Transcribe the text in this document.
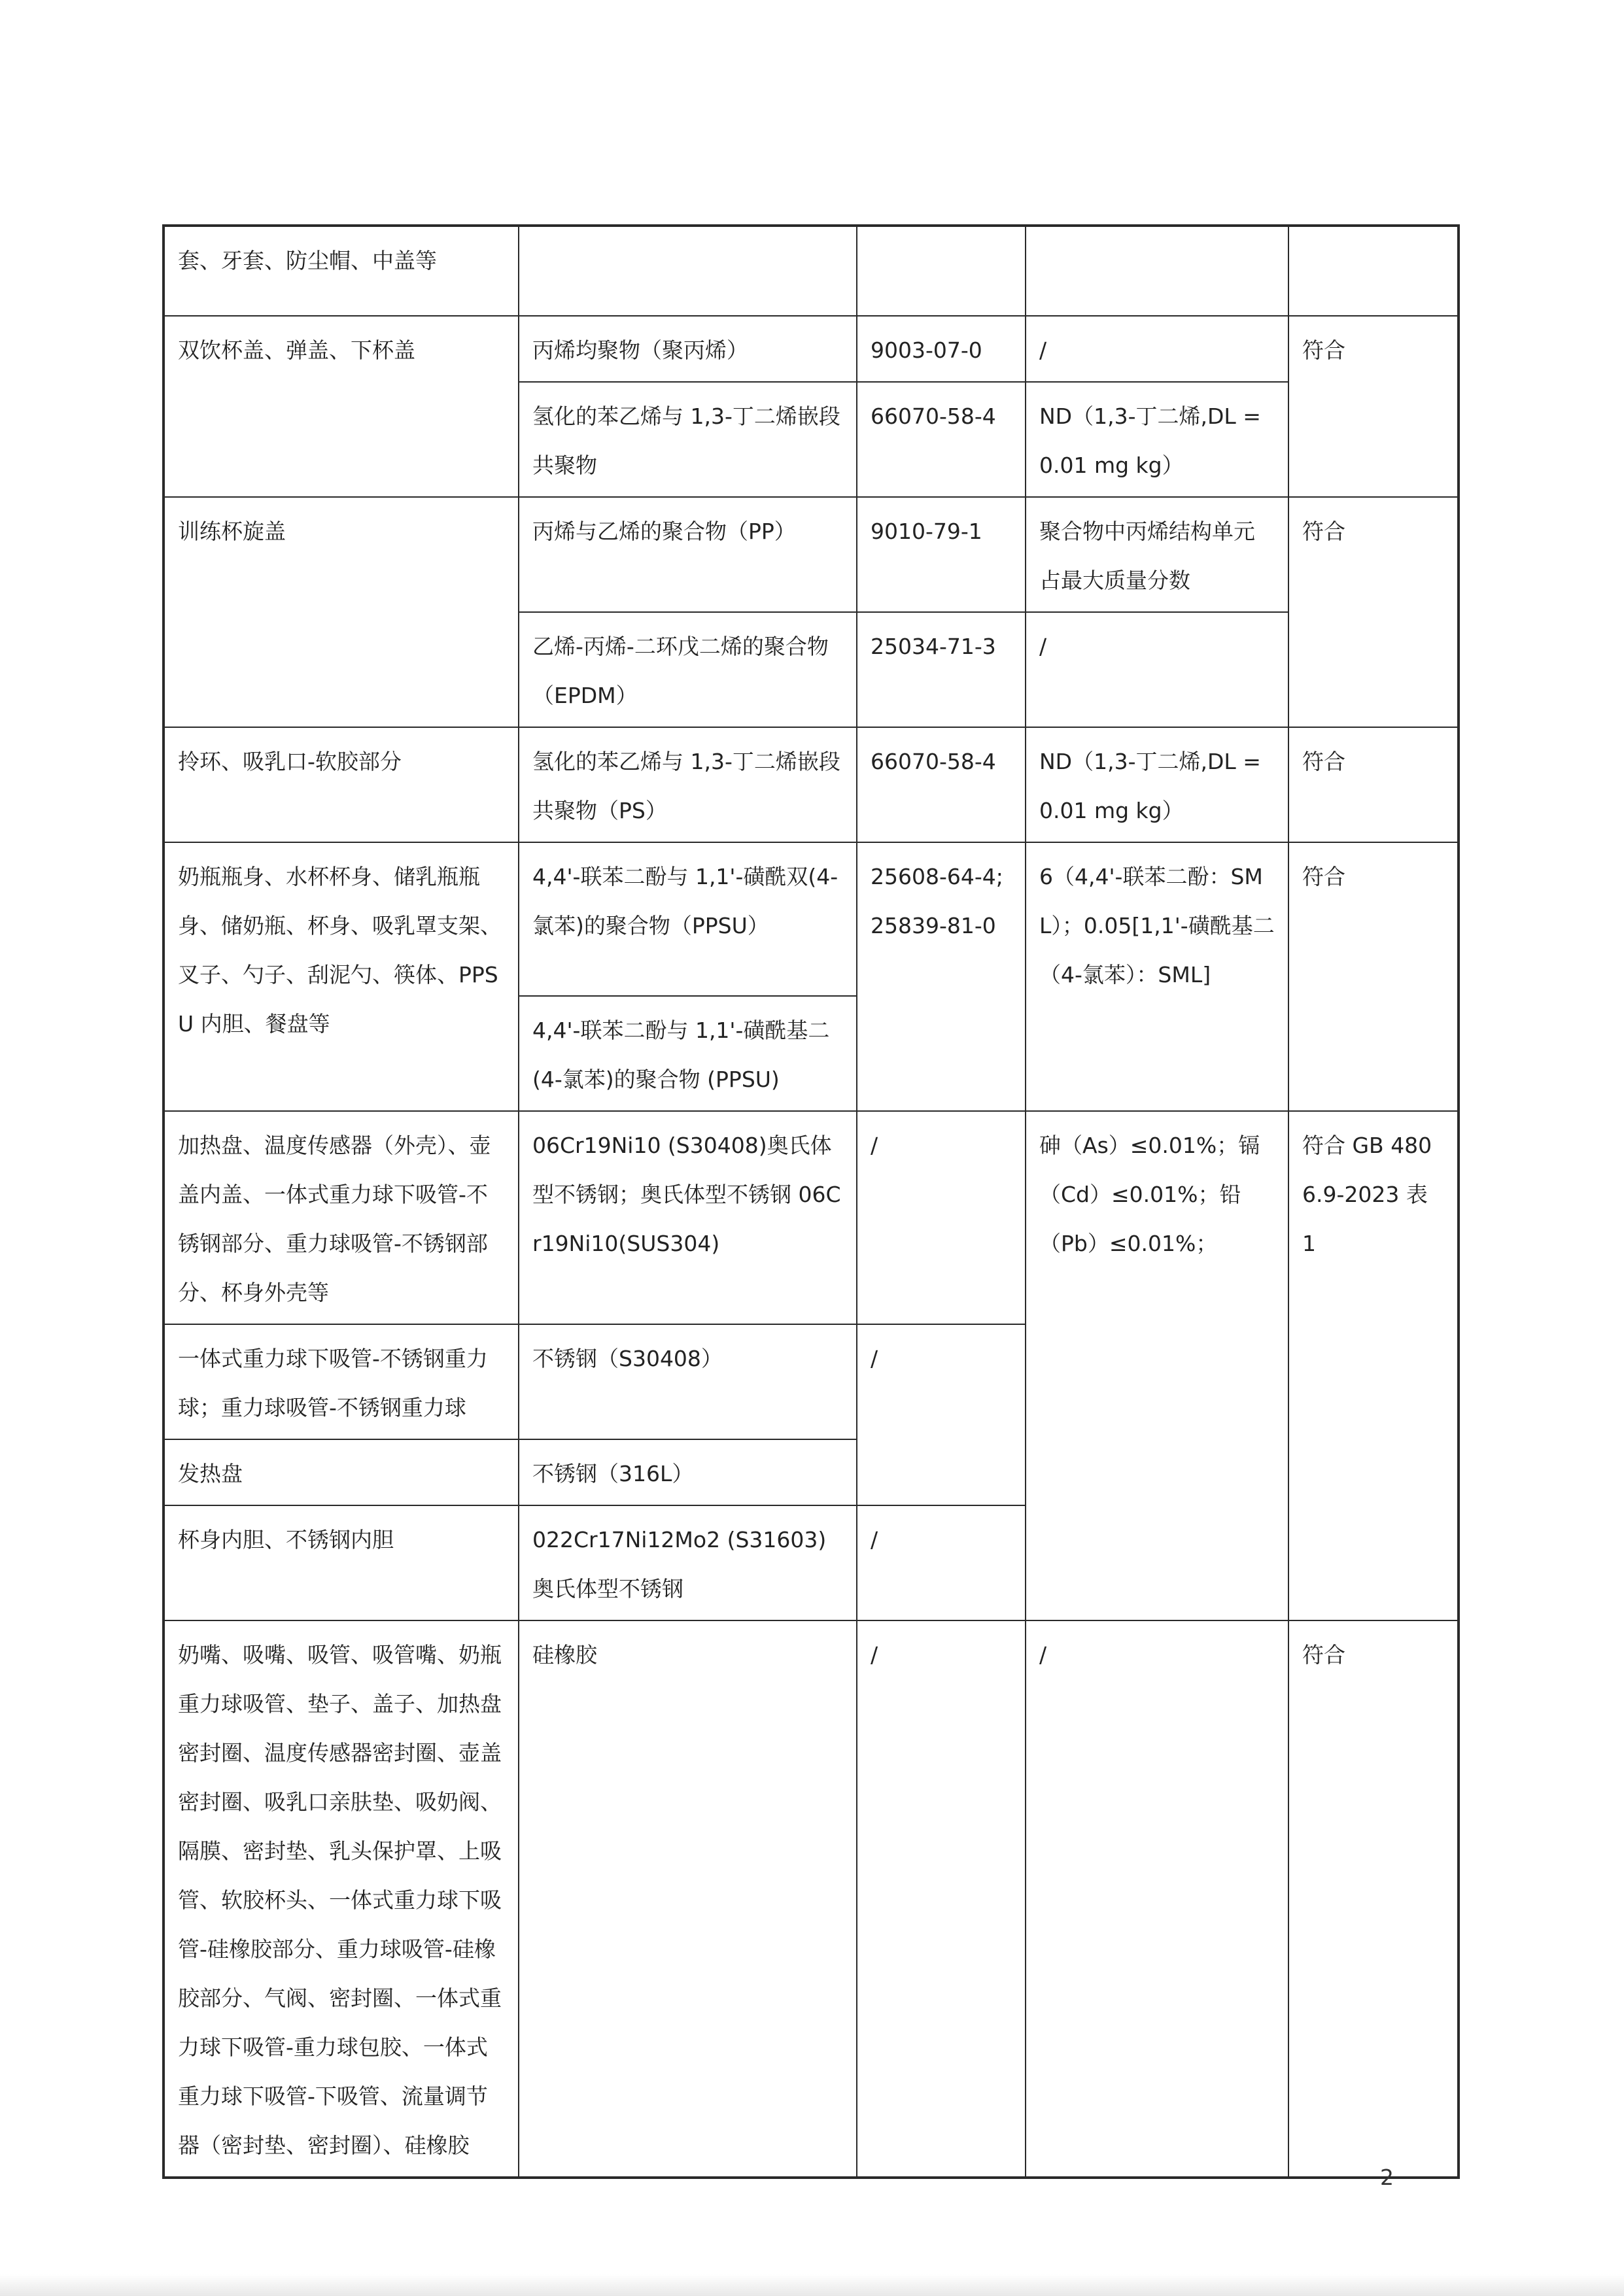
套、牙套、防尘帽、中盖等				
双饮杯盖、弹盖、下杯盖	丙烯均聚物（聚丙烯）	9003-07-0	/	符合
	氢化的苯乙烯与 1,3-丁二烯嵌段共聚物	66070-58-4	ND（1,3-丁二烯,DL = 0.01 mg kg）	
训练杯旋盖	丙烯与乙烯的聚合物（PP）	9010-79-1	聚合物中丙烯结构单元占最大质量分数	符合
	乙烯-丙烯-二环戊二烯的聚合物（EPDM）	25034-71-3	/	
拎环、吸乳口-软胶部分	氢化的苯乙烯与 1,3-丁二烯嵌段共聚物（PS）	66070-58-4	ND（1,3-丁二烯,DL = 0.01 mg kg）	符合
奶瓶瓶身、水杯杯身、储乳瓶瓶身、储奶瓶、杯身、吸乳罩支架、叉子、勺子、刮泥勺、筷体、PPSU 内胆、餐盘等	4,4'-联苯二酚与 1,1'-磺酰双(4-氯苯)的聚合物（PPSU）	25608-64-4; 25839-81-0	6（4,4'-联苯二酚：SML）；0.05[1,1'-磺酰基二（4-氯苯）：SML]	符合
	4,4'-联苯二酚与 1,1'-磺酰基二(4-氯苯)的聚合物 (PPSU)			
加热盘、温度传感器（外壳）、壶盖内盖、一体式重力球下吸管-不锈钢部分、重力球吸管-不锈钢部分、杯身外壳等	06Cr19Ni10 (S30408)奥氏体型不锈钢；奥氏体型不锈钢 06Cr19Ni10(SUS304)	/	砷（As）≤0.01%；镉（Cd）≤0.01%；铅（Pb）≤0.01%；	符合 GB 4806.9-2023 表 1
一体式重力球下吸管-不锈钢重力球；重力球吸管-不锈钢重力球	不锈钢（S30408）	/		
发热盘	不锈钢（316L）			
杯身内胆、不锈钢内胆	022Cr17Ni12Mo2 (S31603)奥氏体型不锈钢	/		
奶嘴、吸嘴、吸管、吸管嘴、奶瓶重力球吸管、垫子、盖子、加热盘密封圈、温度传感器密封圈、壶盖密封圈、吸乳口亲肤垫、吸奶阀、隔膜、密封垫、乳头保护罩、上吸管、软胶杯头、一体式重力球下吸管-硅橡胶部分、重力球吸管-硅橡胶部分、气阀、密封圈、一体式重力球下吸管-重力球包胶、一体式重力球下吸管-下吸管、流量调节器（密封垫、密封圈）、硅橡胶	硅橡胶	/	/	符合
2
